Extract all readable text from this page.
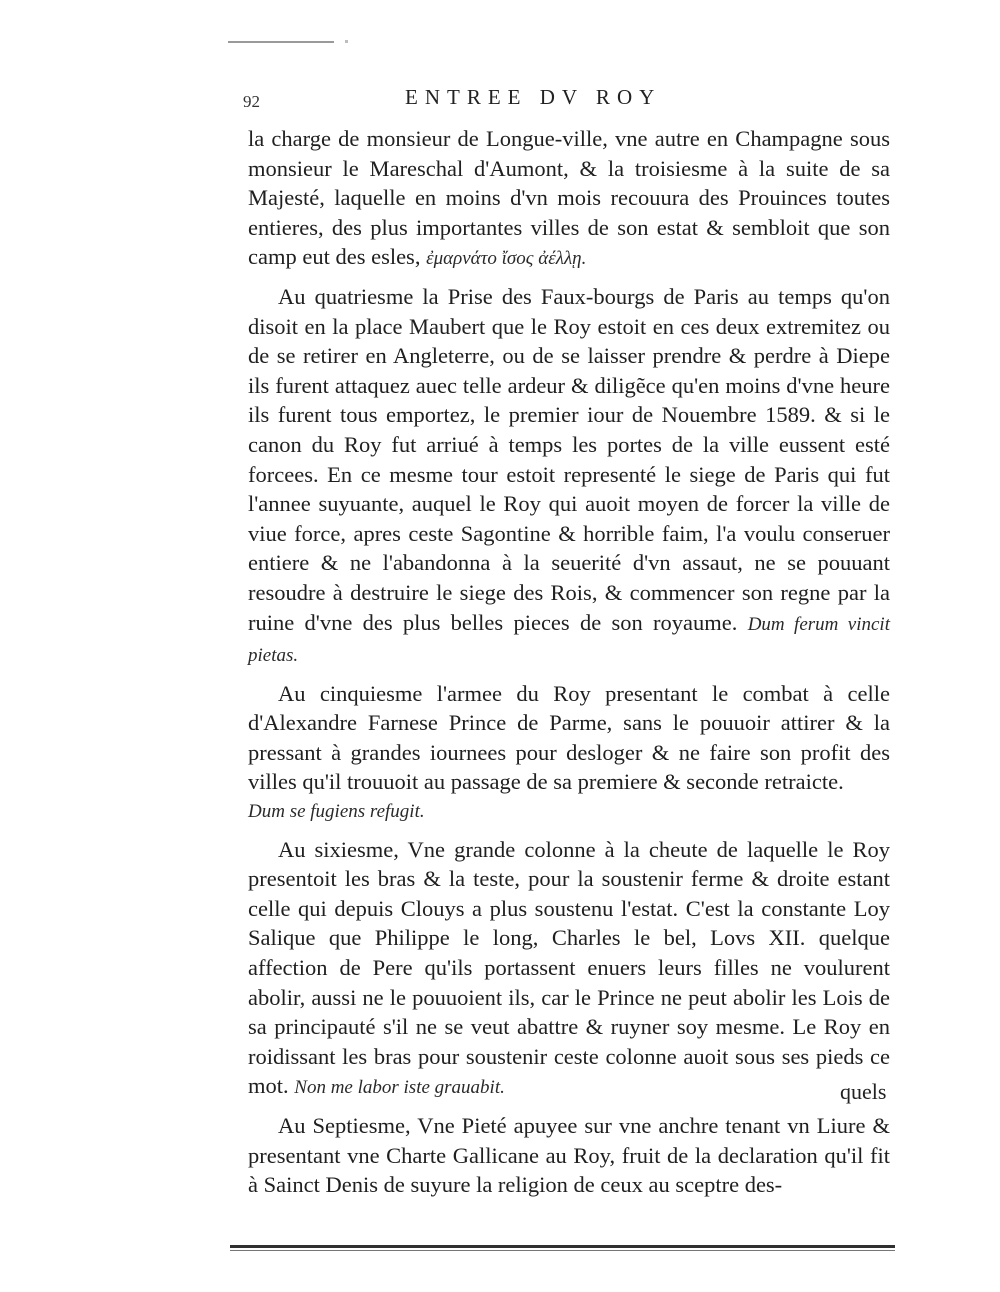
92	ENTREE DV ROY

la charge de monsieur de Longue-ville, vne autre en Champagne sous monsieur le Mareschal d'Aumont, & la troisiesme à la suite de sa Majesté, laquelle en moins d'vn mois recouura des Prouinces toutes entieres, des plus importantes villes de son estat & sembloit que son camp eut des esles, ἐμαρνάτο ἴσος ἀέλλῃ.

Au quatriesme la Prise des Faux-bourgs de Paris au temps qu'on disoit en la place Maubert que le Roy estoit en ces deux extremitez ou de se retirer en Angleterre, ou de se laisser prendre & perdre à Diepe ils furent attaquez auec telle ardeur & diligẽce qu'en moins d'vne heure ils furent tous emportez, le premier iour de Nouembre 1589. & si le canon du Roy fut arriué à temps les portes de la ville eussent esté forcees. En ce mesme tour estoit representé le siege de Paris qui fut l'annee suyuante, auquel le Roy qui auoit moyen de forcer la ville de viue force, apres ceste Sagontine & horrible faim, l'a voulu conseruer entiere & ne l'abandonna à la seuerité d'vn assaut, ne se pouuant resoudre à destruire le siege des Rois, & commencer son regne par la ruine d'vne des plus belles pieces de son royaume. Dum ferum vincit pietas.

Au cinquiesme l'armee du Roy presentant le combat à celle d'Alexandre Farnese Prince de Parme, sans le pouuoir attirer & la pressant à grandes iournees pour desloger & ne faire son profit des villes qu'il trouuoit au passage de sa premiere & seconde retraicte.
Dum se fugiens refugit.

Au sixiesme, Vne grande colonne à la cheute de laquelle le Roy presentoit les bras & la teste, pour la soustenir ferme & droite estant celle qui depuis Clouys a plus soustenu l'estat. C'est la constante Loy Salique que Philippe le long, Charles le bel, Lovs XII. quelque affection de Pere qu'ils portassent enuers leurs filles ne voulurent abolir, aussi ne le pouuoient ils, car le Prince ne peut abolir les Lois de sa principauté s'il ne se veut abattre & ruyner soy mesme. Le Roy en roidissant les bras pour soustenir ceste colonne auoit sous ses pieds ce mot. Non me labor iste grauabit.

Au Septiesme, Vne Pieté apuyee sur vne anchre tenant vn Liure & presentant vne Charte Gallicane au Roy, fruit de la declaration qu'il fit à Sainct Denis de suyure la religion de ceux au sceptre des-

quels
